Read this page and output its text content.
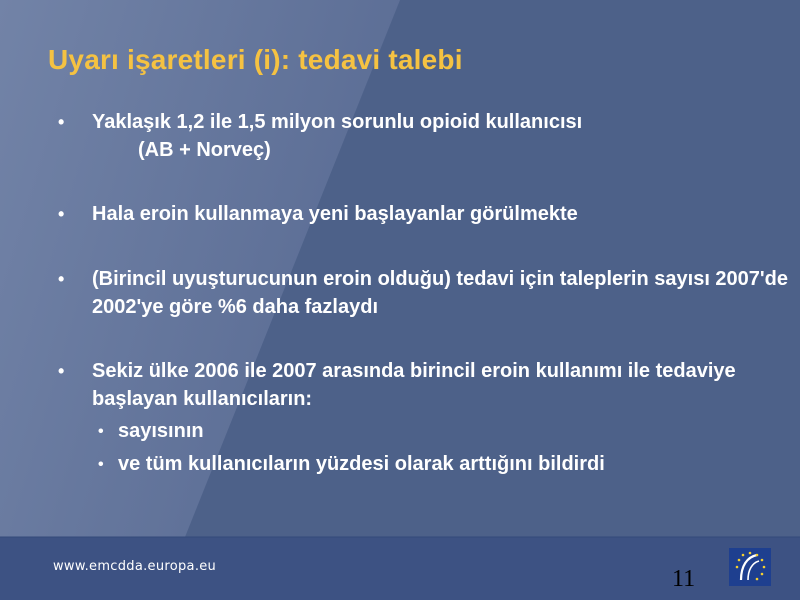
Uyarı işaretleri (i): tedavi talebi
• Yaklaşık 1,2 ile 1,5 milyon sorunlu opioid kullanıcısı
(AB + Norveç)
• Hala eroin kullanmaya yeni başlayanlar görülmekte
• (Birincil uyuşturucunun eroin olduğu) tedavi için taleplerin sayısı 2007'de 2002'ye göre %6 daha fazlaydı
• Sekiz ülke 2006 ile 2007 arasında birincil eroin kullanımı ile tedaviye başlayan kullanıcıların:
• sayısının
• ve tüm kullanıcıların yüzdesi olarak arttığını bildirdi
www.emcdda.europa.eu	11
